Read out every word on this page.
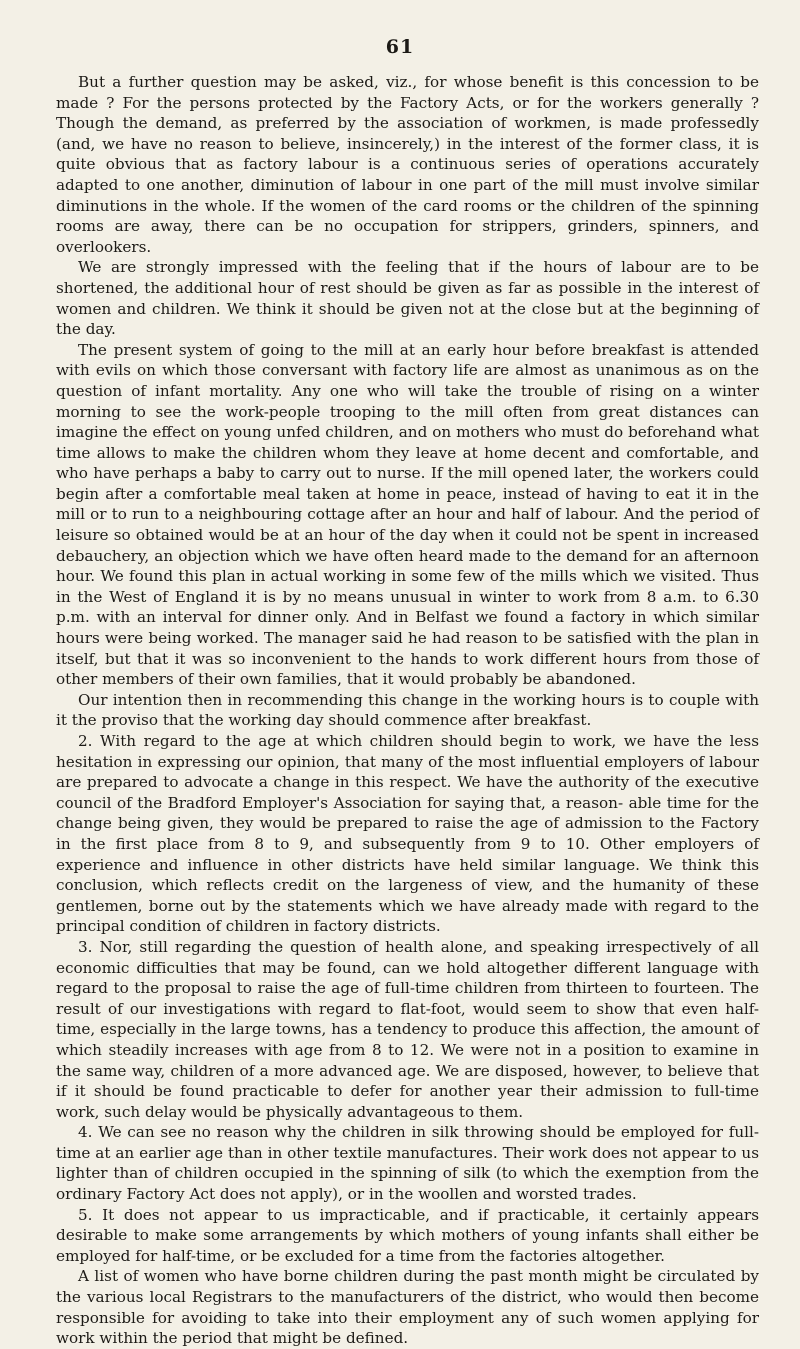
61

But a further question may be asked, viz., for whose benefit is this concession to be made ? For the persons protected by the Factory Acts, or for the workers generally ? Though the demand, as preferred by the association of workmen, is made professedly (and, we have no reason to believe, insincerely,) in the interest of the former class, it is quite obvious that as factory labour is a continuous series of operations accurately adapted to one another, diminution of labour in one part of the mill must involve similar diminutions in the whole. If the women of the card rooms or the children of the spinning rooms are away, there can be no occupation for strippers, grinders, spinners, and overlookers.

We are strongly impressed with the feeling that if the hours of labour are to be shortened, the additional hour of rest should be given as far as possible in the interest of women and children. We think it should be given not at the close but at the beginning of the day.

The present system of going to the mill at an early hour before breakfast is attended with evils on which those conversant with factory life are almost as unanimous as on the question of infant mortality. Any one who will take the trouble of rising on a winter morning to see the work-people trooping to the mill often from great distances can imagine the effect on young unfed children, and on mothers who must do beforehand what time allows to make the children whom they leave at home decent and comfortable, and who have perhaps a baby to carry out to nurse. If the mill opened later, the workers could begin after a comfortable meal taken at home in peace, instead of having to eat it in the mill or to run to a neighbouring cottage after an hour and half of labour. And the period of leisure so obtained would be at an hour of the day when it could not be spent in increased debauchery, an objection which we have often heard made to the demand for an afternoon hour. We found this plan in actual working in some few of the mills which we visited. Thus in the West of England it is by no means unusual in winter to work from 8 a.m. to 6.30 p.m. with an interval for dinner only. And in Belfast we found a factory in which similar hours were being worked. The manager said he had reason to be satisfied with the plan in itself, but that it was so inconvenient to the hands to work different hours from those of other members of their own families, that it would probably be abandoned.

Our intention then in recommending this change in the working hours is to couple with it the proviso that the working day should commence after breakfast.

2. With regard to the age at which children should begin to work, we have the less hesitation in expressing our opinion, that many of the most influential employers of labour are prepared to advocate a change in this respect. We have the authority of the executive council of the Bradford Employer's Association for saying that, a reason- able time for the change being given, they would be prepared to raise the age of admission to the Factory in the first place from 8 to 9, and subsequently from 9 to 10. Other employers of experience and influence in other districts have held similar language. We think this conclusion, which reflects credit on the largeness of view, and the humanity of these gentlemen, borne out by the statements which we have already made with regard to the principal condition of children in factory districts.

3. Nor, still regarding the question of health alone, and speaking irrespectively of all economic difficulties that may be found, can we hold altogether different language with regard to the proposal to raise the age of full-time children from thirteen to fourteen. The result of our investigations with regard to flat-foot, would seem to show that even half-time, especially in the large towns, has a tendency to produce this affection, the amount of which steadily increases with age from 8 to 12. We were not in a position to examine in the same way, children of a more advanced age. We are disposed, however, to believe that if it should be found practicable to defer for another year their admission to full-time work, such delay would be physically advantageous to them.

4. We can see no reason why the children in silk throwing should be employed for full- time at an earlier age than in other textile manufactures. Their work does not appear to us lighter than of children occupied in the spinning of silk (to which the exemption from the ordinary Factory Act does not apply), or in the woollen and worsted trades.

5. It does not appear to us impracticable, and if practicable, it certainly appears desirable to make some arrangements by which mothers of young infants shall either be employed for half-time, or be excluded for a time from the factories altogether.

A list of women who have borne children during the past month might be circulated by the various local Registrars to the manufacturers of the district, who would then become responsible for avoiding to take into their employment any of such women applying for work within the period that might be defined.
